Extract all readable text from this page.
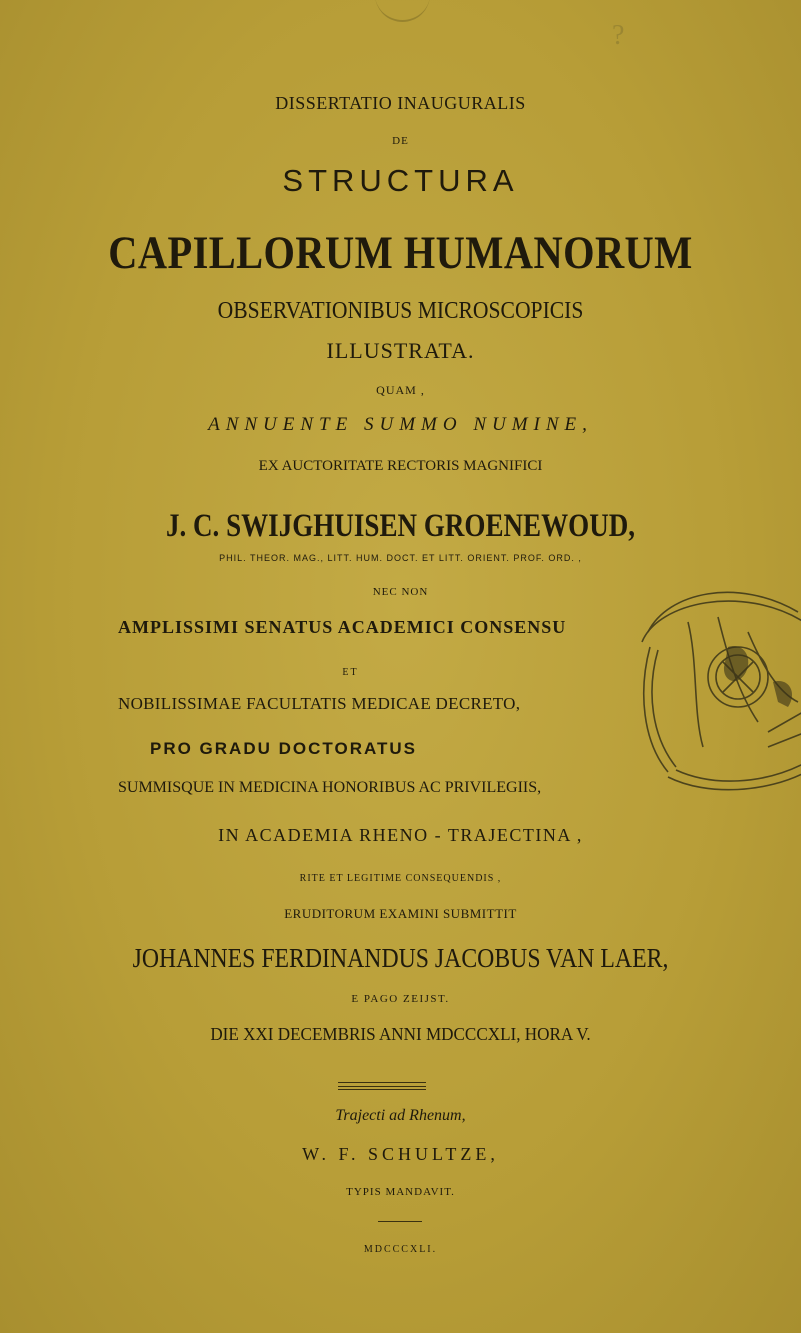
?
DISSERTATIO INAUGURALIS
DE
STRUCTURA
CAPILLORUM HUMANORUM
OBSERVATIONIBUS MICROSCOPICIS
ILLUSTRATA.
QUAM ,
ANNUENTE SUMMO NUMINE,
EX AUCTORITATE RECTORIS MAGNIFICI
J. C. SWIJGHUISEN GROENEWOUD,
PHIL. THEOR. MAG., LITT. HUM. DOCT. ET LITT. ORIENT. PROF. ORD. ,
NEC NON
AMPLISSIMI SENATUS ACADEMICI CONSENSU
ET
NOBILISSIMAE FACULTATIS MEDICAE DECRETO,
PRO GRADU DOCTORATUS
SUMMISQUE IN MEDICINA HONORIBUS AC PRIVILEGIIS,
IN ACADEMIA RHENO - TRAJECTINA ,
RITE ET LEGITIME CONSEQUENDIS ,
ERUDITORUM EXAMINI SUBMITTIT
JOHANNES FERDINANDUS JACOBUS VAN LAER,
E PAGO ZEIJST.
DIE XXI DECEMBRIS ANNI MDCCCXLI, HORA V.
Trajecti ad Rhenum,
W. F. SCHULTZE,
TYPIS MANDAVIT.
MDCCCXLI.
